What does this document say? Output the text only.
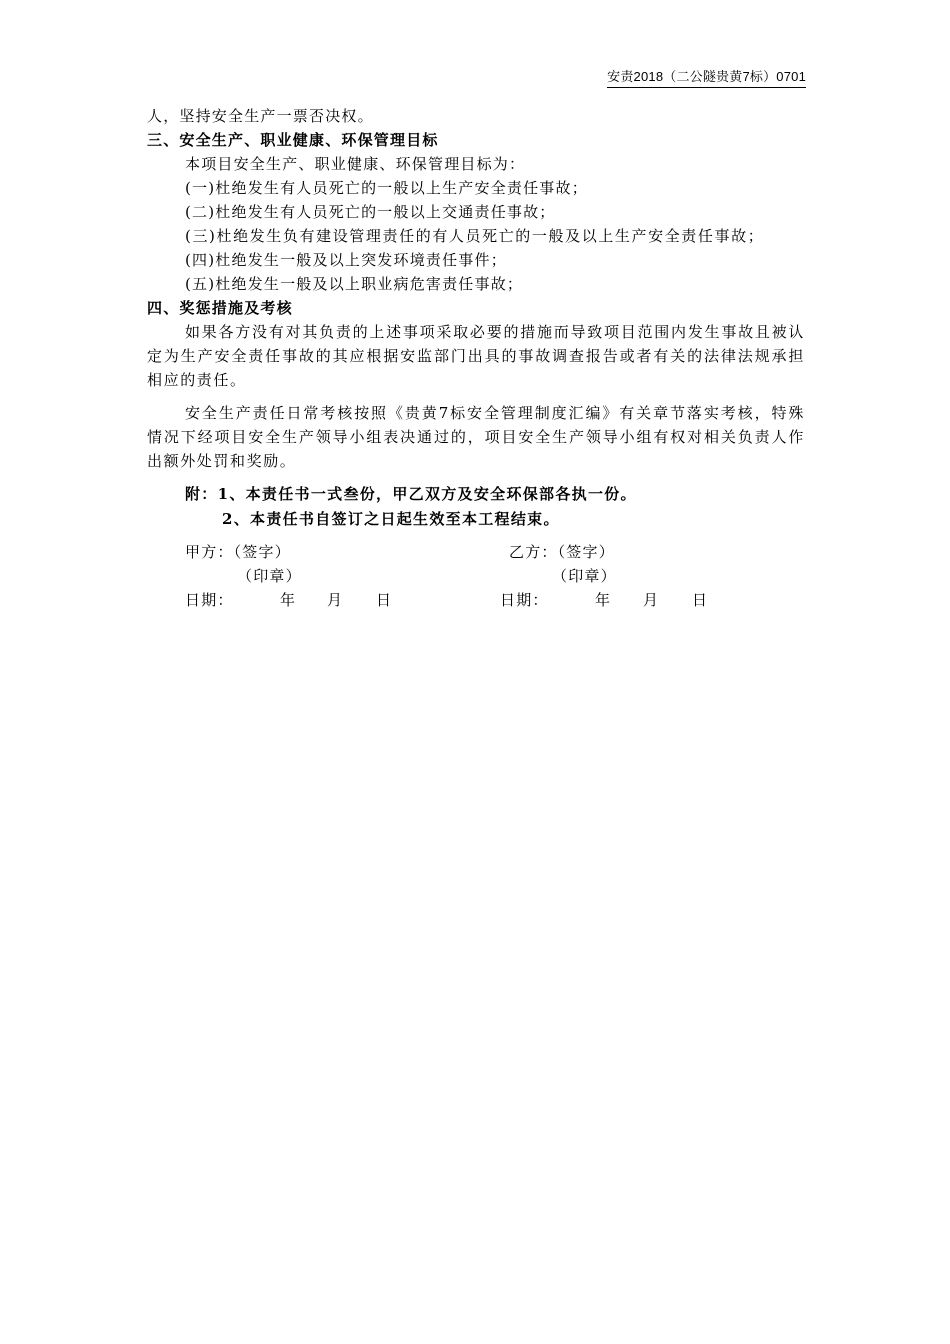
安责2018（二公隧贵黄7标）0701
人，坚持安全生产一票否决权。
三、安全生产、职业健康、环保管理目标
本项目安全生产、职业健康、环保管理目标为：
(一)杜绝发生有人员死亡的一般以上生产安全责任事故；
(二)杜绝发生有人员死亡的一般以上交通责任事故；
(三)杜绝发生负有建设管理责任的有人员死亡的一般及以上生产安全责任事故；
(四)杜绝发生一般及以上突发环境责任事件；
(五)杜绝发生一般及以上职业病危害责任事故；
四、奖惩措施及考核
如果各方没有对其负责的上述事项采取必要的措施而导致项目范围内发生事故且被认定为生产安全责任事故的其应根据安监部门出具的事故调查报告或者有关的法律法规承担相应的责任。
安全生产责任日常考核按照《贵黄7标安全管理制度汇编》有关章节落实考核，特殊情况下经项目安全生产领导小组表决通过的，项目安全生产领导小组有权对相关负责人作出额外处罚和奖励。
附：1、本责任书一式叁份，甲乙双方及安全环保部各执一份。
2、本责任书自签订之日起生效至本工程结束。
甲方：（签字）	乙方：（签字）
（印章）	（印章）
日期：	年 月 日	日期：	年 月 日
